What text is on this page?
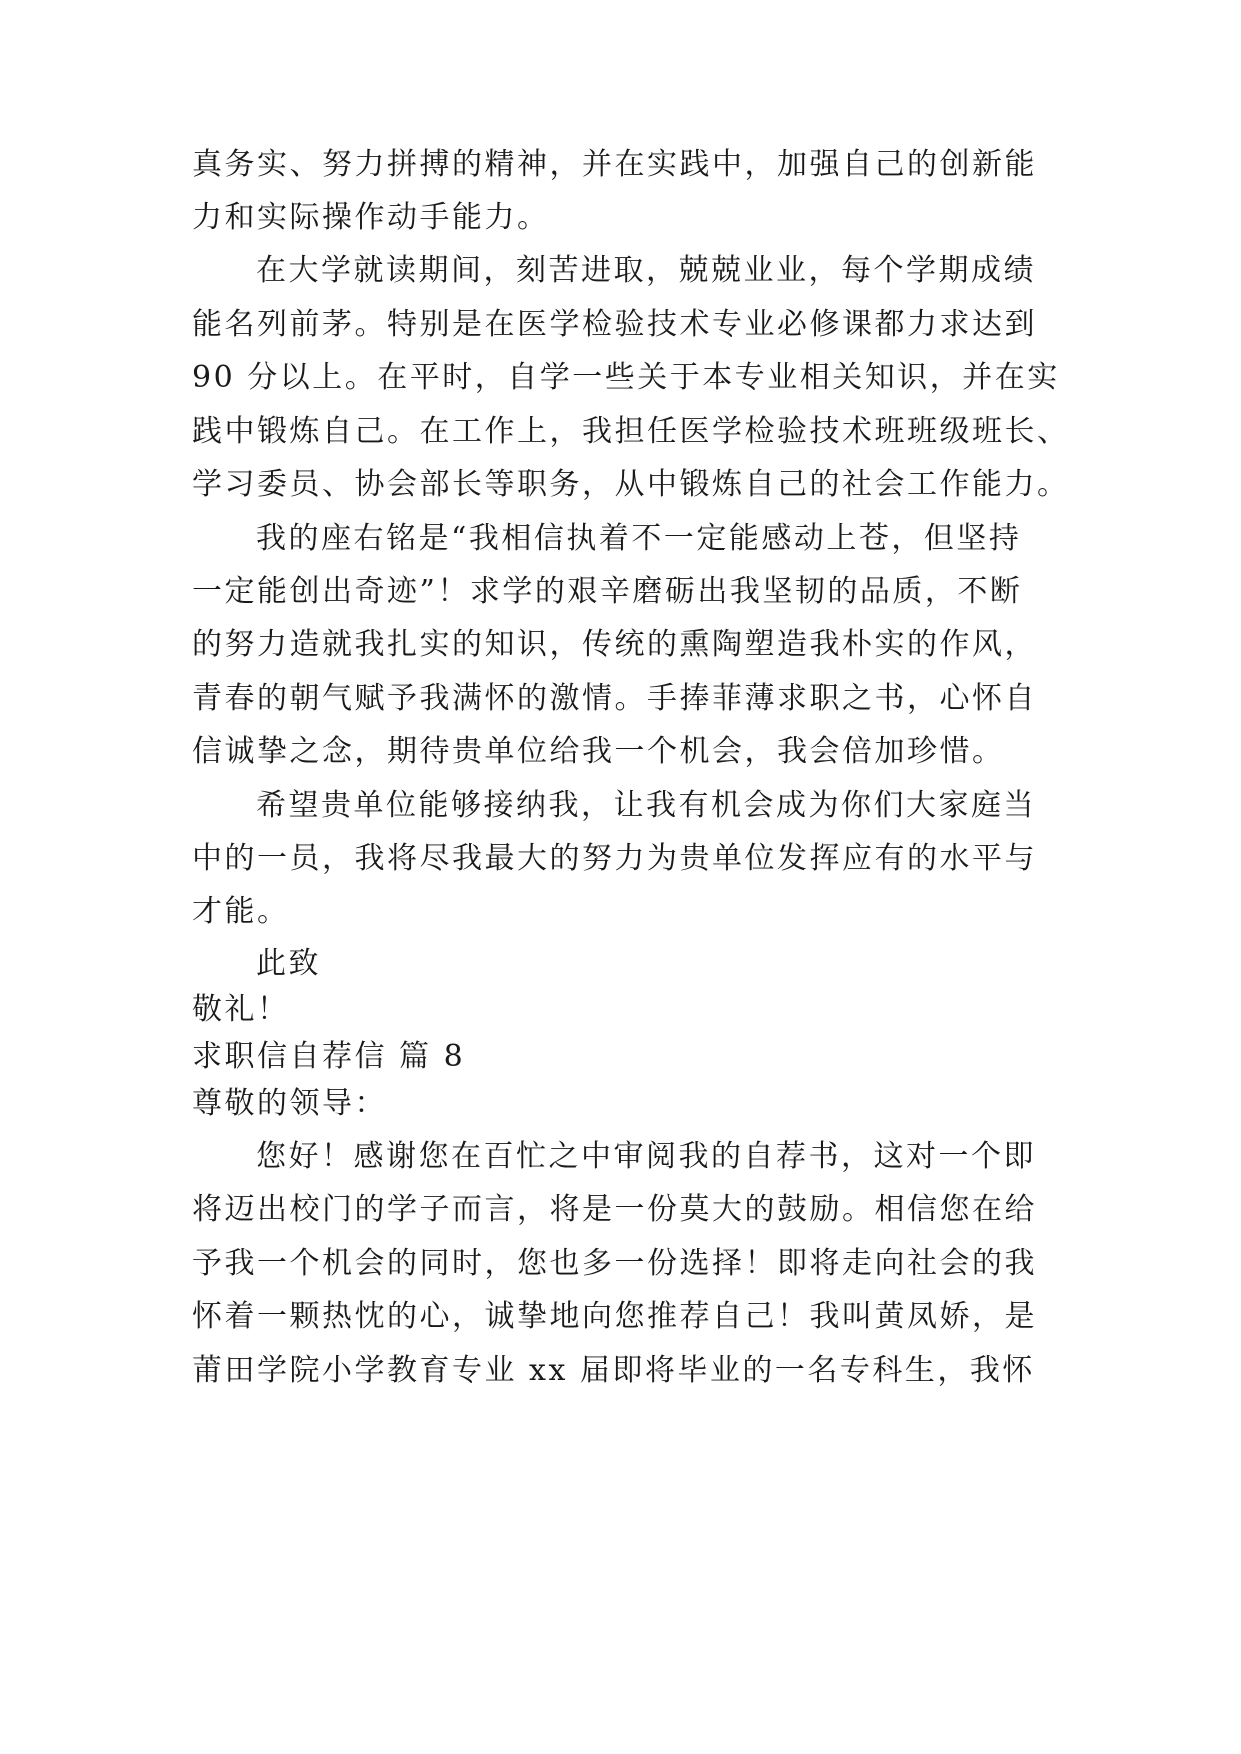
真务实、努力拼搏的精神，并在实践中，加强自己的创新能
力和实际操作动手能力。
在大学就读期间，刻苦进取，兢兢业业，每个学期成绩
能名列前茅。特别是在医学检验技术专业必修课都力求达到
90 分以上。在平时，自学一些关于本专业相关知识，并在实
践中锻炼自己。在工作上，我担任医学检验技术班班级班长、
学习委员、协会部长等职务，从中锻炼自己的社会工作能力。
我的座右铭是“我相信执着不一定能感动上苍，但坚持
一定能创出奇迹”！求学的艰辛磨砺出我坚韧的品质，不断
的努力造就我扎实的知识，传统的熏陶塑造我朴实的作风，
青春的朝气赋予我满怀的激情。手捧菲薄求职之书，心怀自
信诚挚之念，期待贵单位给我一个机会，我会倍加珍惜。
希望贵单位能够接纳我，让我有机会成为你们大家庭当
中的一员，我将尽我最大的努力为贵单位发挥应有的水平与
才能。
此致
敬礼！
求职信自荐信 篇 8
尊敬的领导：
您好！感谢您在百忙之中审阅我的自荐书，这对一个即
将迈出校门的学子而言，将是一份莫大的鼓励。相信您在给
予我一个机会的同时，您也多一份选择！即将走向社会的我
怀着一颗热忱的心，诚挚地向您推荐自己！我叫黄凤娇，是
莆田学院小学教育专业 xx 届即将毕业的一名专科生，我怀
